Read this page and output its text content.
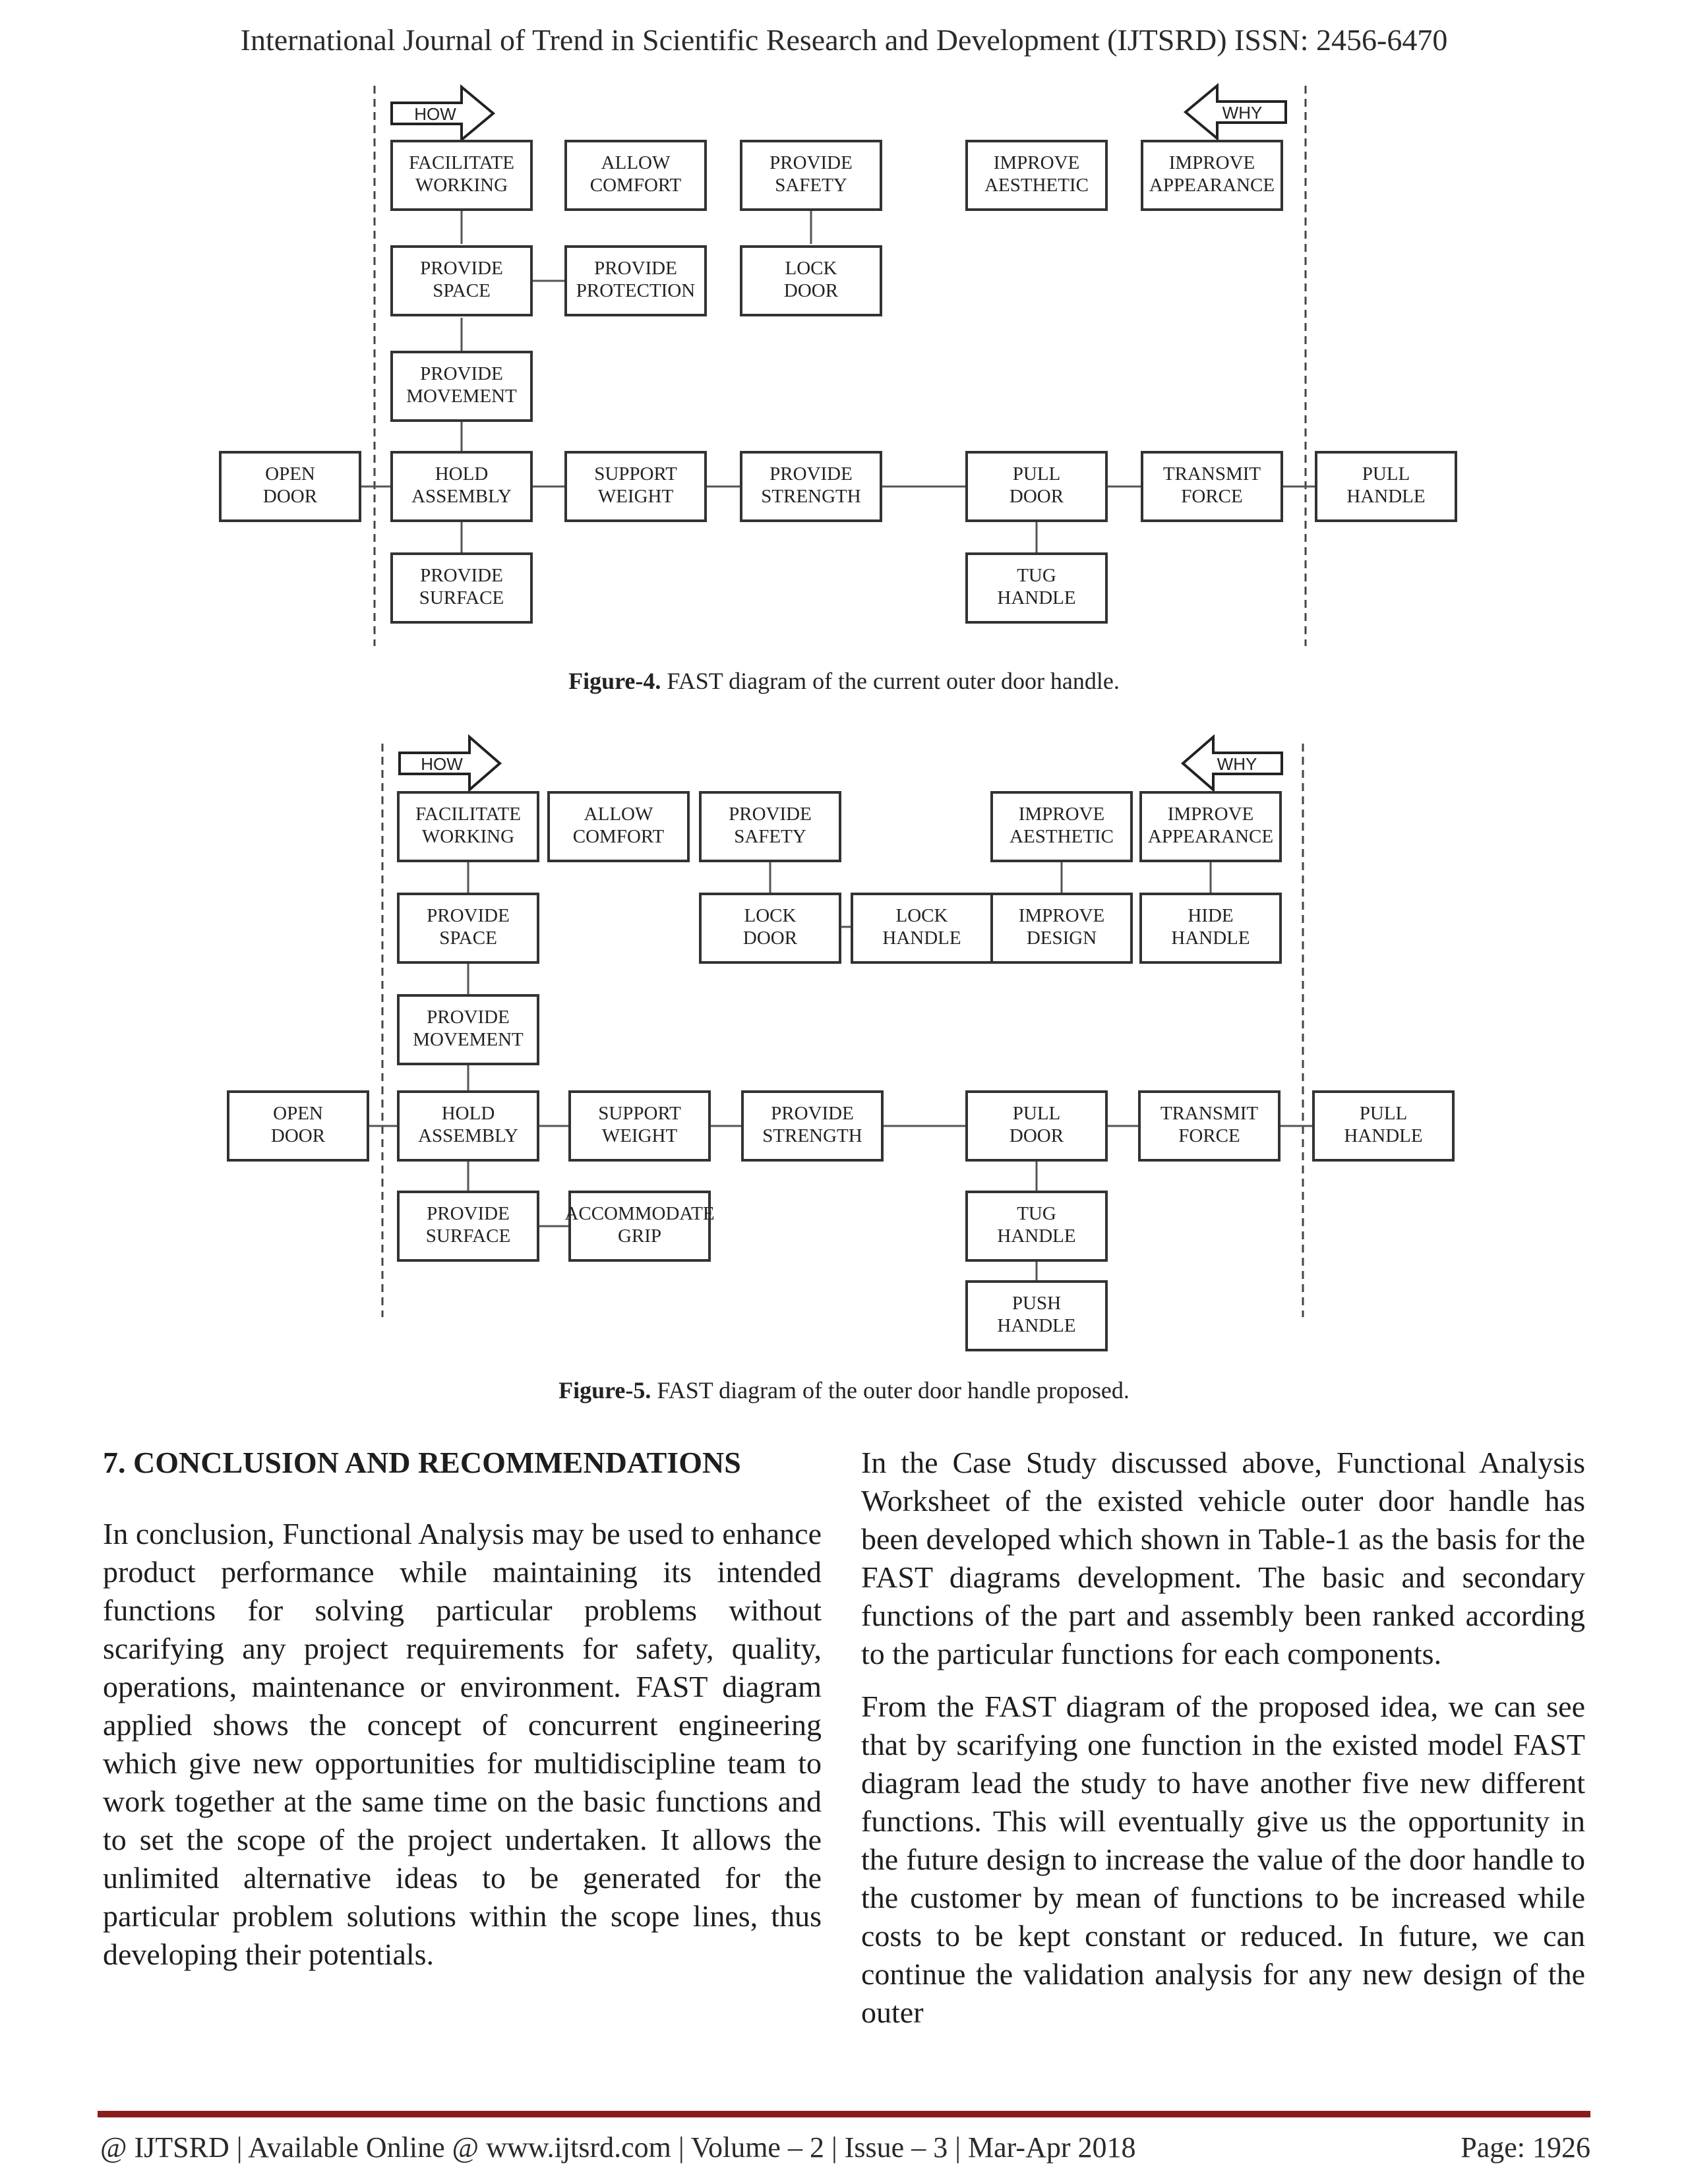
International Journal of Trend in Scientific Research and Development (IJTSRD) ISSN: 2456-6470
HOW	WHY
FACILITATE
WORKING
ALLOW
COMFORT
PROVIDE
SAFETY
IMPROVE
AESTHETIC
IMPROVE
APPEARANCE
PROVIDE
SPACE
PROVIDE
PROTECTION
LOCK
DOOR
PROVIDE
MOVEMENT
OPEN
DOOR
HOLD
ASSEMBLY
SUPPORT
WEIGHT
PROVIDE
STRENGTH
PULL
DOOR
TRANSMIT
FORCE
PULL
HANDLE
PROVIDE
SURFACE
TUG
HANDLE
Figure-4. FAST diagram of the current outer door handle.
HOW	WHY
FACILITATE
WORKING
ALLOW
COMFORT
PROVIDE
SAFETY
IMPROVE
AESTHETIC
IMPROVE
APPEARANCE
PROVIDE
SPACE
LOCK
DOOR
LOCK
HANDLE
IMPROVE
DESIGN
HIDE
HANDLE
PROVIDE
MOVEMENT
OPEN
DOOR
HOLD
ASSEMBLY
SUPPORT
WEIGHT
PROVIDE
STRENGTH
PULL
DOOR
TRANSMIT
FORCE
PULL
HANDLE
PROVIDE
SURFACE
ACCOMMODATE
GRIP
TUG
HANDLE
PUSH
HANDLE
Figure-5. FAST diagram of the outer door handle proposed.
7. CONCLUSION AND RECOMMENDATIONS

In conclusion, Functional Analysis may be used to enhance product performance while maintaining its intended functions for solving particular problems without scarifying any project requirements for safety, quality, operations, maintenance or environment. FAST diagram applied shows the concept of concurrent engineering which give new opportunities for multidiscipline team to work together at the same time on the basic functions and to set the scope of the project undertaken. It allows the unlimited alternative ideas to be generated for the particular problem solutions within the scope lines, thus developing their potentials.

In the Case Study discussed above, Functional Analysis Worksheet of the existed vehicle outer door handle has been developed which shown in Table-1 as the basis for the FAST diagrams development. The basic and secondary functions of the part and assembly been ranked according to the particular functions for each components.

From the FAST diagram of the proposed idea, we can see that by scarifying one function in the existed model FAST diagram lead the study to have another five new different functions. This will eventually give us the opportunity in the future design to increase the value of the door handle to the customer by mean of functions to be increased while costs to be kept constant or reduced. In future, we can continue the validation analysis for any new design of the outer

@ IJTSRD | Available Online @ www.ijtsrd.com | Volume – 2 | Issue – 3 | Mar-Apr 2018	Page: 1926
